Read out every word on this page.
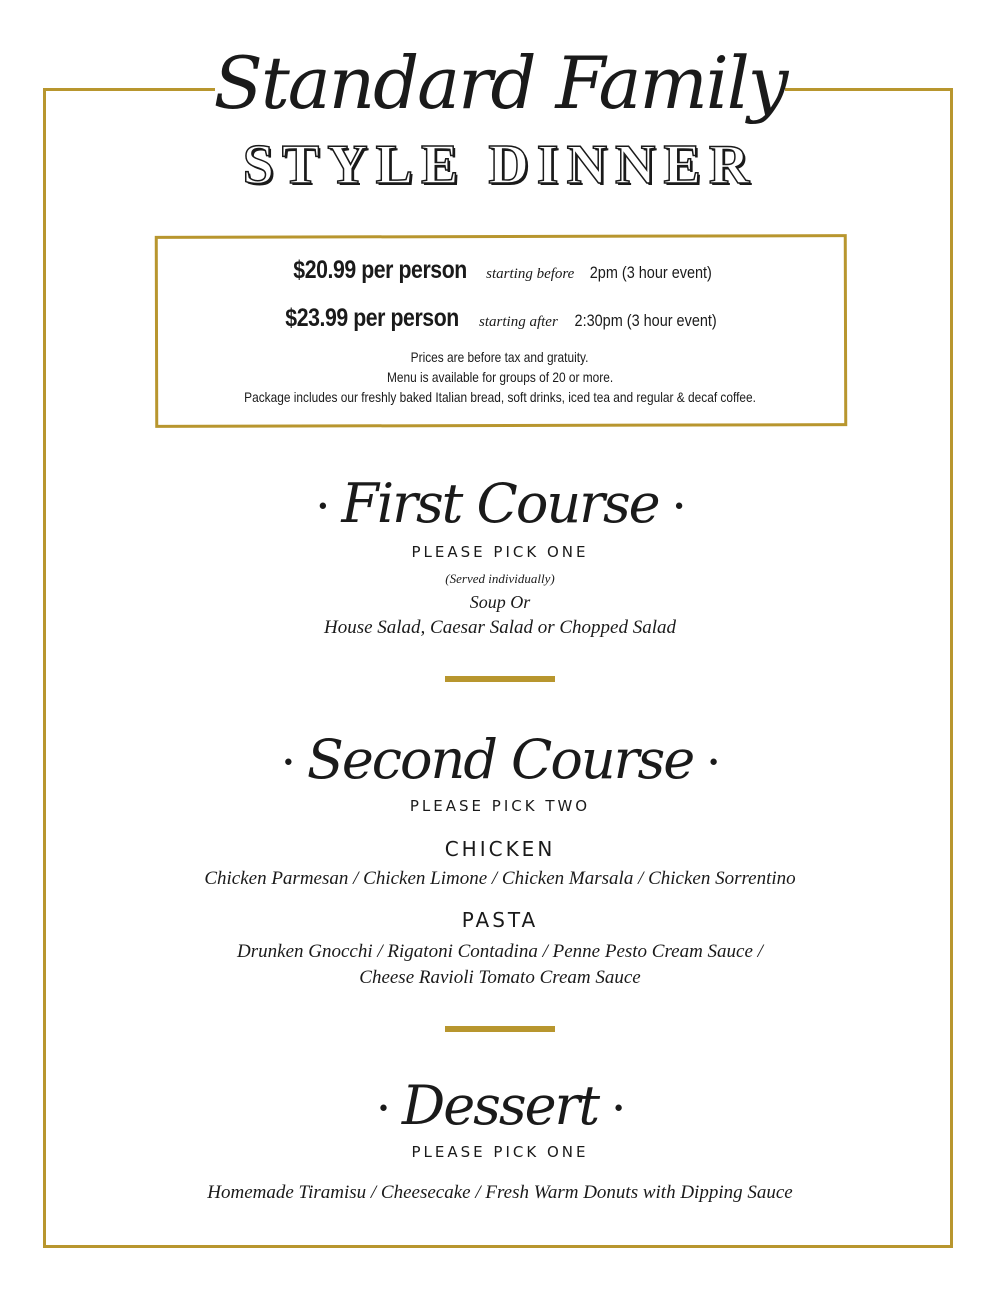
Standard Family
STYLE DINNER
$20.99 per person starting before 2pm (3 hour event)
$23.99 per person starting after 2:30pm (3 hour event)
Prices are before tax and gratuity.
Menu is available for groups of 20 or more.
Package includes our freshly baked Italian bread, soft drinks, iced tea and regular & decaf coffee.
• First Course •
PLEASE PICK ONE
(Served individually)
Soup Or
House Salad, Caesar Salad or Chopped Salad
• Second Course •
PLEASE PICK TWO
CHICKEN
Chicken Parmesan / Chicken Limone / Chicken Marsala / Chicken Sorrentino
PASTA
Drunken Gnocchi / Rigatoni Contadina / Penne Pesto Cream Sauce /
Cheese Ravioli Tomato Cream Sauce
• Dessert •
PLEASE PICK ONE
Homemade Tiramisu / Cheesecake / Fresh Warm Donuts with Dipping Sauce
